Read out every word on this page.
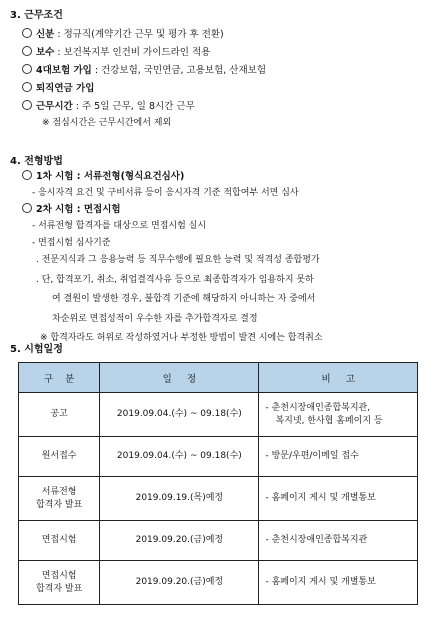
3. 근무조건
신분 : 정규직(계약기간 근무 및 평가 후 전환)
보수 : 보건복지부 인건비 가이드라인 적용
4대보험 가입 : 건강보험, 국민연금, 고용보험, 산재보험
퇴직연금 가입
근무시간 : 주 5일 근무, 일 8시간 근무
※ 점심시간은 근무시간에서 제외
4. 전형방법
1차 시험 : 서류전형(형식요건심사)
- 응시자격 요건 및 구비서류 등이 응시자격 기준 적합여부 서면 심사
2차 시험 : 면접시험
- 서류전형 합격자를 대상으로 면접시험 실시
- 면접시험 심사기준
. 전문지식과 그 응용능력 등 직무수행에 필요한 능력 및 적격성 종합평가
. 단, 합격포기, 취소, 취업결격사유 등으로 최종합격자가 임용하지 못하
여 결원이 발생한 경우, 불합격 기준에 해당하지 아니하는 자 중에서
차순위로 면접성적이 우수한 자를 추가합격자로 결정
※ 합격자라도 허위로 작성하였거나 부정한 방법이 발견 시에는 합격취소
5. 시험일정
구    분	일     정	비     고
공고	2019.09.04.(수) ~ 09.18(수)	- 춘천시장애인종합복지관,
복지넷, 한사협 홈페이지 등

원서접수	2019.09.04.(수) ~ 09.18(수)	- 방문/우편/이메일 접수

서류전형
합격자 발표	2019.09.19.(목)예정	- 홈페이지 게시 및 개별통보
면접시험	2019.09.20.(금)예정	- 춘천시장애인종합복지관

면접시험
합격자 발표	2019.09.20.(금)예정	- 홈페이지 게시 및 개별통보
